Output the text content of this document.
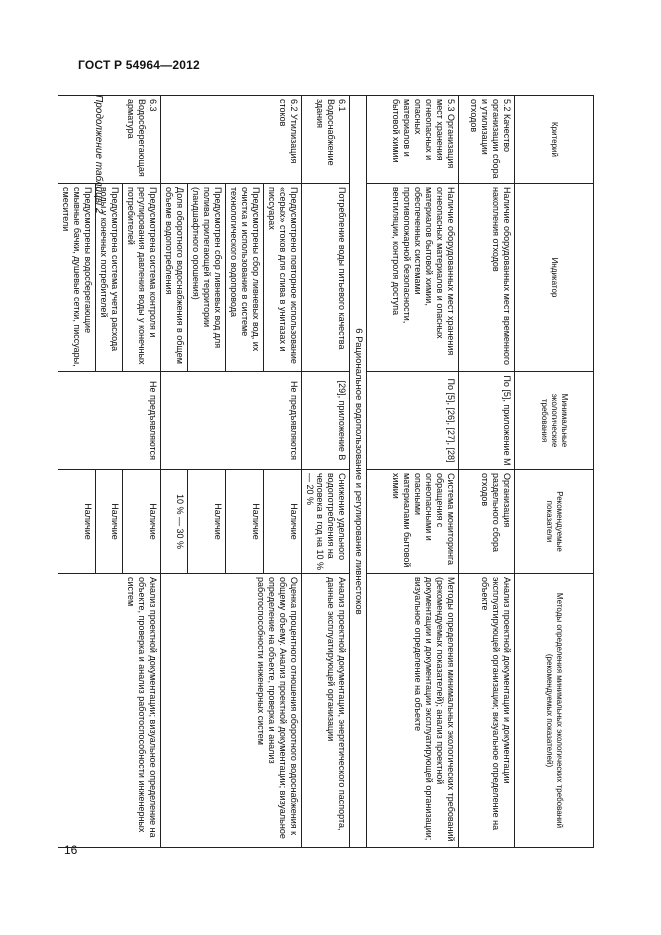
ГОСТ Р 54964—2012
16
Критерий	Индикатор	Минимальные экологические требования	Рекомендуемые показатели	Методы определения минимальных экологических требований (рекомендуемых показателей)
5.2 Качество организации сбора и утилизации отходов	Наличие оборудованных мест временного накопления отходов	По [5], приложение М	Организация раздельного сбора отходов	Анализ проектной документации и документации эксплуатирующей организации; визуальное определение на объекте
5.3 Организация мест хранения огнеопасных и опасных материалов и бытовой химии	Наличие оборудованных мест хранения огнеопасных материалов и опасных материалов бытовой химии, обеспеченных системами противопожарной безопасности, вентиляции, контроля доступа	По [5], [26], [27], [28]	Система мониторинга обращения с огнеопасными и опасными материалами бытовой химии	Методы определения минимальных экологических требований (рекомендуемых показателей); анализ проектной документации и документации эксплуатирующей организации; визуальное определение на объекте
6 Рациональное водопользование и регулирование ливнестоков				
6.1 Водоснабжение здания	Потребление воды питьевого качества	[29], приложение В	Снижение удельного водопотребления на человека в год на 10 % — 20 %	Анализ проектной документации, энергетического паспорта, данные эксплуатирующей организации
6.2 Утилизация стоков	Предусмотрено повторное использование «серых» стоков для слива в унитазах и писсуарах	Не предъявляются	Наличие	Оценка процентного отношения оборотного водоснабжения к общему объему. Анализ проектной документации; визуальное определение на объекте, проверка и анализ работоспособности инженерных систем
	Предусмотрены сбор ливневых вод, их очистка и использование в системе технологического водопровода		Наличие	
	Предусмотрен сбор ливневых вод для полива прилегающей территории (ландшафтного орошения)		Наличие	
	Доля оборотного водоснабжения в общем объеме водопотребления		10 % — 30 %	
6.3 Водосберегающая арматура	Предусмотрена система контроля и регулирования давления воды у конечных потребителей	Не предъявляются	Наличие	Анализ проектной документации; визуальное определение на объекте, проверка и анализ работоспособности инженерных систем
	Предусмотрена система учета расхода воды у конечных потребителей		Наличие	
	Предусмотрены водосберегающие смывные бачки, душевые сетки, писсуары, смесители		Наличие	
Продолжение таблицы 2
